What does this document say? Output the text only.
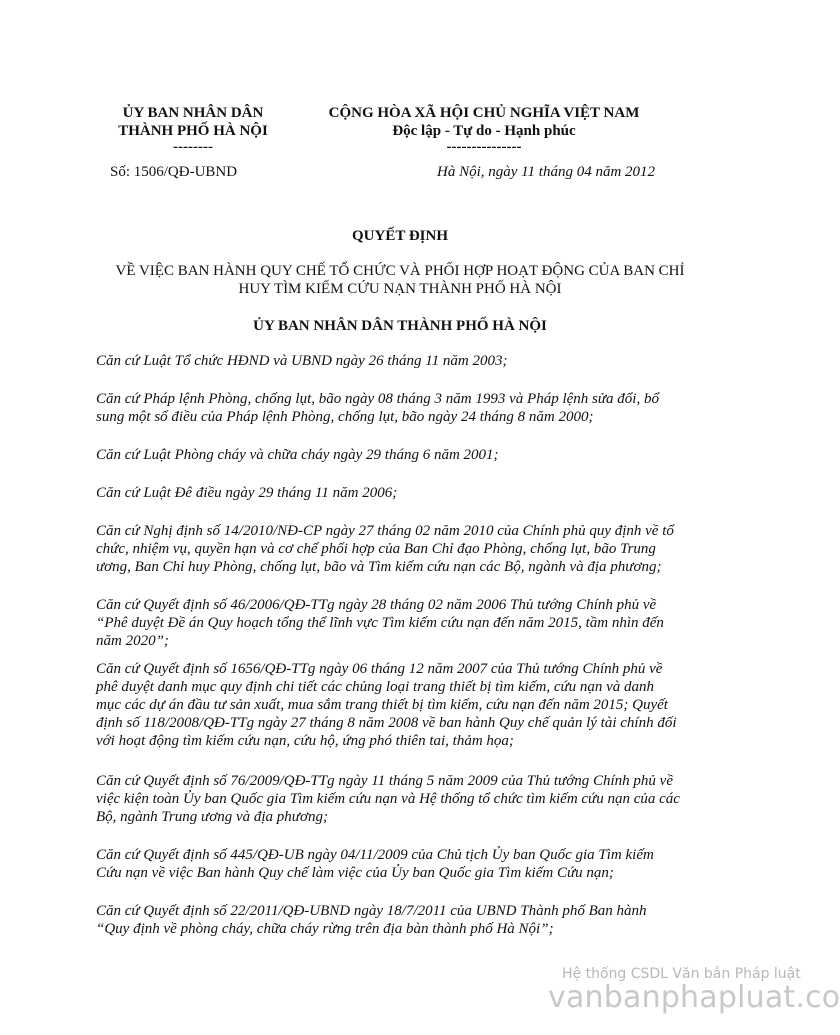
ỦY BAN NHÂN DÂN
THÀNH PHỐ HÀ NỘI
--------
CỘNG HÒA XÃ HỘI CHỦ NGHĨA VIỆT NAM
Độc lập - Tự do - Hạnh phúc
---------------
Số: 1506/QĐ-UBND	Hà Nội, ngày 11 tháng 04 năm 2012
QUYẾT ĐỊNH
VỀ VIỆC BAN HÀNH QUY CHẾ TỔ CHỨC VÀ PHỐI HỢP HOẠT ĐỘNG CỦA BAN CHỈ
HUY TÌM KIẾM CỨU NẠN THÀNH PHỐ HÀ NỘI
ỦY BAN NHÂN DÂN THÀNH PHỐ HÀ NỘI
Căn cứ Luật Tổ chức HĐND và UBND ngày 26 tháng 11 năm 2003;
Căn cứ Pháp lệnh Phòng, chống lụt, bão ngày 08 tháng 3 năm 1993 và Pháp lệnh sửa đổi, bổ
sung một số điều của Pháp lệnh Phòng, chống lụt, bão ngày 24 tháng 8 năm 2000;
Căn cứ Luật Phòng cháy và chữa cháy ngày 29 tháng 6 năm 2001;
Căn cứ Luật Đê điều ngày 29 tháng 11 năm 2006;
Căn cứ Nghị định số 14/2010/NĐ-CP ngày 27 tháng 02 năm 2010 của Chính phủ quy định về tổ
chức, nhiệm vụ, quyền hạn và cơ chế phối hợp của Ban Chỉ đạo Phòng, chống lụt, bão Trung
ương, Ban Chỉ huy Phòng, chống lụt, bão và Tìm kiếm cứu nạn các Bộ, ngành và địa phương;
Căn cứ Quyết định số 46/2006/QĐ-TTg ngày 28 tháng 02 năm 2006 Thủ tướng Chính phủ về
“Phê duyệt Đề án Quy hoạch tổng thể lĩnh vực Tìm kiếm cứu nạn đến năm 2015, tầm nhìn đến
năm 2020”;
Căn cứ Quyết định số 1656/QĐ-TTg ngày 06 tháng 12 năm 2007 của Thủ tướng Chính phủ về
phê duyệt danh mục quy định chi tiết các chủng loại trang thiết bị tìm kiếm, cứu nạn và danh
mục các dự án đầu tư sản xuất, mua sắm trang thiết bị tìm kiếm, cứu nạn đến năm 2015; Quyết
định số 118/2008/QĐ-TTg ngày 27 tháng 8 năm 2008 về ban hành Quy chế quản lý tài chính đối
với hoạt động tìm kiếm cứu nạn, cứu hộ, ứng phó thiên tai, thảm họa;
Căn cứ Quyết định số 76/2009/QĐ-TTg ngày 11 tháng 5 năm 2009 của Thủ tướng Chính phủ về
việc kiện toàn Ủy ban Quốc gia Tìm kiếm cứu nạn và Hệ thống tổ chức tìm kiếm cứu nạn của các
Bộ, ngành Trung ương và địa phương;
Căn cứ Quyết định số 445/QĐ-UB ngày 04/11/2009 của Chủ tịch Ủy ban Quốc gia Tìm kiếm
Cứu nạn về việc Ban hành Quy chế làm việc của Ủy ban Quốc gia Tìm kiếm Cứu nạn;
Căn cứ Quyết định số 22/2011/QĐ-UBND ngày 18/7/2011 của UBND Thành phố Ban hành
“Quy định về phòng cháy, chữa cháy rừng trên địa bàn thành phố Hà Nội”;
Hệ thống CSDL Văn bản Pháp luật
vanbanphapluat.co
